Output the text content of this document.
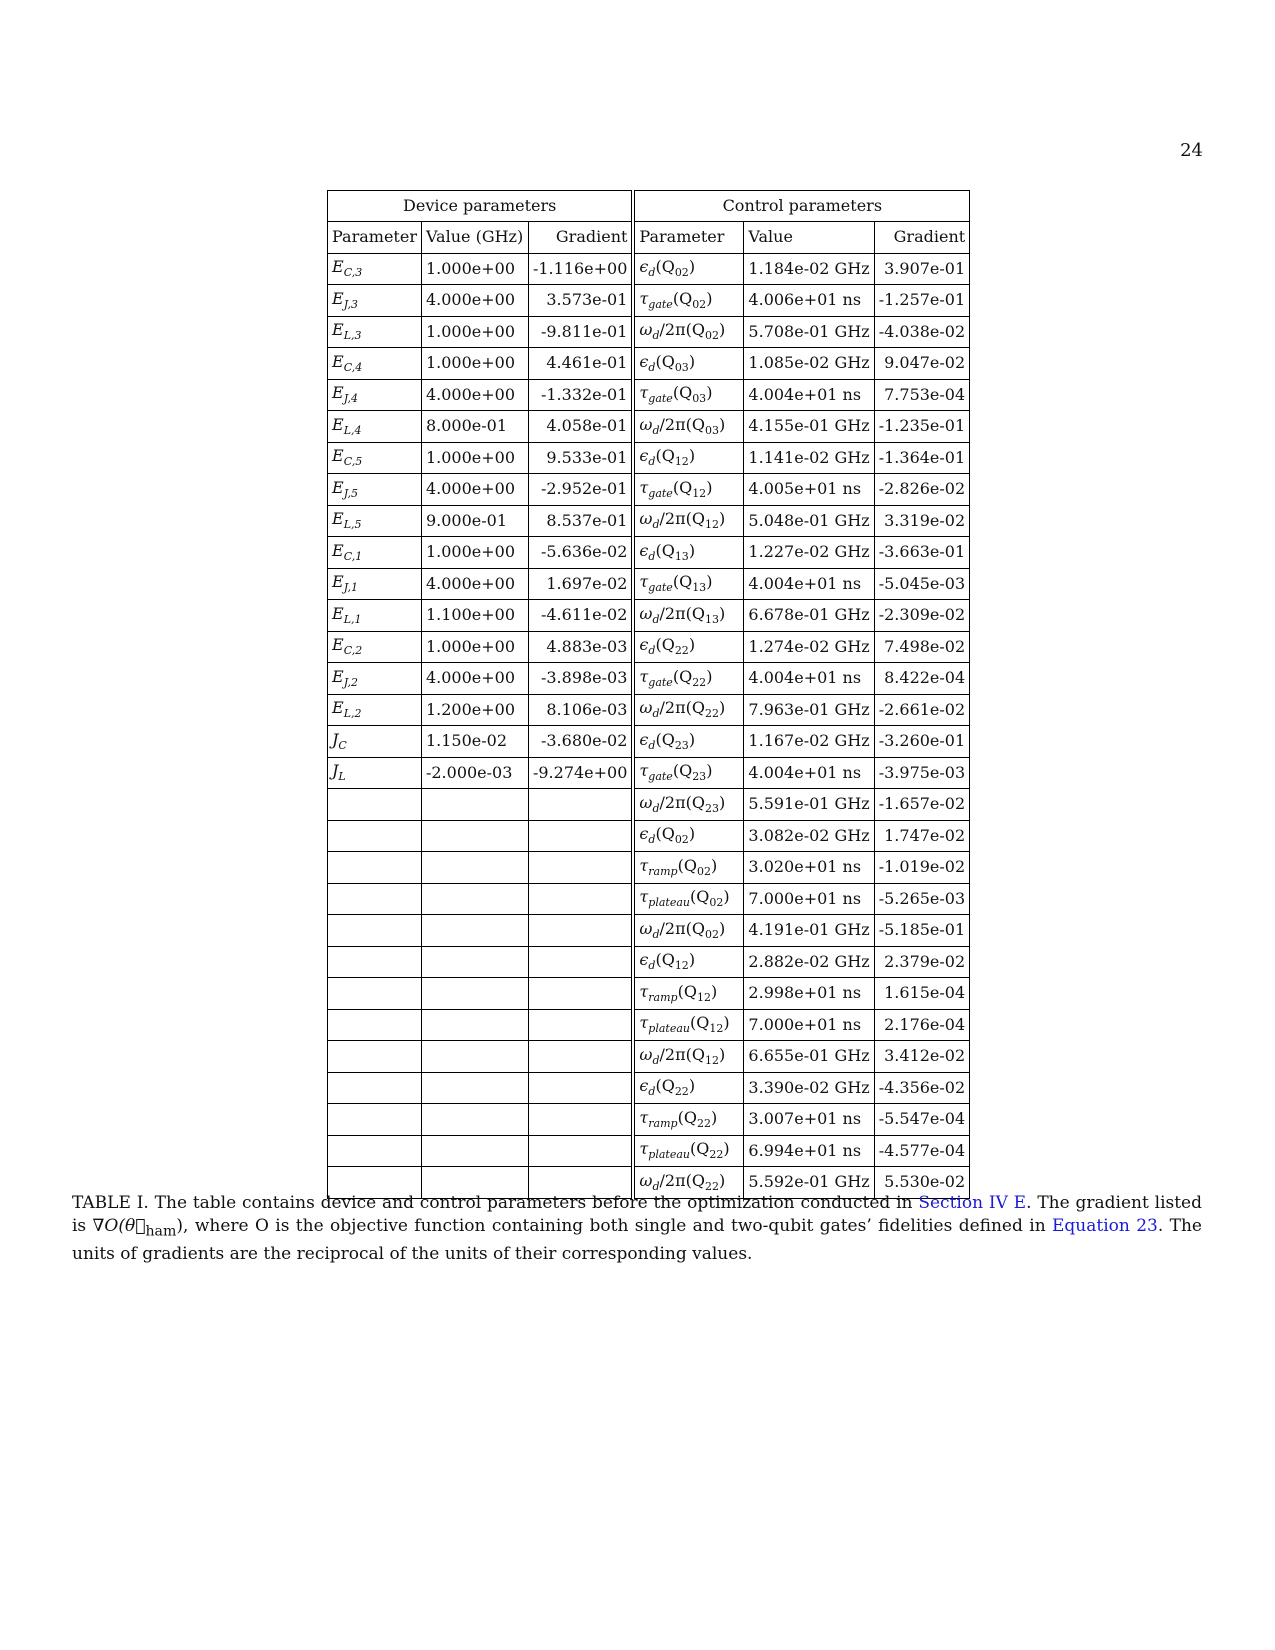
24
Device parameters			Control parameters		
Parameter	Value (GHz)	Gradient	Parameter	Value	Gradient
$E_{C,3}$	1.000e+00	-1.116e+00	$\epsilon_d(Q_{02})$	1.184e-02 GHz	3.907e-01
$E_{J,3}$	4.000e+00	3.573e-01	$\tau_{gate}(Q_{02})$	4.006e+01 ns	-1.257e-01
$E_{L,3}$	1.000e+00	-9.811e-01	$\omega_d/2\pi(Q_{02})$	5.708e-01 GHz	-4.038e-02
$E_{C,4}$	1.000e+00	4.461e-01	$\epsilon_d(Q_{03})$	1.085e-02 GHz	9.047e-02
$E_{J,4}$	4.000e+00	-1.332e-01	$\tau_{gate}(Q_{03})$	4.004e+01 ns	7.753e-04
$E_{L,4}$	8.000e-01	4.058e-01	$\omega_d/2\pi(Q_{03})$	4.155e-01 GHz	-1.235e-01
$E_{C,5}$	1.000e+00	9.533e-01	$\epsilon_d(Q_{12})$	1.141e-02 GHz	-1.364e-01
$E_{J,5}$	4.000e+00	-2.952e-01	$\tau_{gate}(Q_{12})$	4.005e+01 ns	-2.826e-02
$E_{L,5}$	9.000e-01	8.537e-01	$\omega_d/2\pi(Q_{12})$	5.048e-01 GHz	3.319e-02
$E_{C,1}$	1.000e+00	-5.636e-02	$\epsilon_d(Q_{13})$	1.227e-02 GHz	-3.663e-01
$E_{J,1}$	4.000e+00	1.697e-02	$\tau_{gate}(Q_{13})$	4.004e+01 ns	-5.045e-03
$E_{L,1}$	1.100e+00	-4.611e-02	$\omega_d/2\pi(Q_{13})$	6.678e-01 GHz	-2.309e-02
$E_{C,2}$	1.000e+00	4.883e-03	$\epsilon_d(Q_{22})$	1.274e-02 GHz	7.498e-02
$E_{J,2}$	4.000e+00	-3.898e-03	$\tau_{gate}(Q_{22})$	4.004e+01 ns	8.422e-04
$E_{L,2}$	1.200e+00	8.106e-03	$\omega_d/2\pi(Q_{22})$	7.963e-01 GHz	-2.661e-02
$J_C$	1.150e-02	-3.680e-02	$\epsilon_d(Q_{23})$	1.167e-02 GHz	-3.260e-01
$J_L$	-2.000e-03	-9.274e+00	$\tau_{gate}(Q_{23})$	4.004e+01 ns	-3.975e-03
			$\omega_d/2\pi(Q_{23})$	5.591e-01 GHz	-1.657e-02
			$\epsilon_d(Q_{02})$	3.082e-02 GHz	1.747e-02
			$\tau_{ramp}(Q_{02})$	3.020e+01 ns	-1.019e-02
			$\tau_{plateau}(Q_{02})$	7.000e+01 ns	-5.265e-03
			$\omega_d/2\pi(Q_{02})$	4.191e-01 GHz	-5.185e-01
			$\epsilon_d(Q_{12})$	2.882e-02 GHz	2.379e-02
			$\tau_{ramp}(Q_{12})$	2.998e+01 ns	1.615e-04
			$\tau_{plateau}(Q_{12})$	7.000e+01 ns	2.176e-04
			$\omega_d/2\pi(Q_{12})$	6.655e-01 GHz	3.412e-02
			$\epsilon_d(Q_{22})$	3.390e-02 GHz	-4.356e-02
			$\tau_{ramp}(Q_{22})$	3.007e+01 ns	-5.547e-04
			$\tau_{plateau}(Q_{22})$	6.994e+01 ns	-4.577e-04
			$\omega_d/2\pi(Q_{22})$	5.592e-01 GHz	5.530e-02
TABLE I. The table contains device and control parameters before the optimization conducted in Section IV E. The gradient listed is $\nabla O(\theta⃗_{ham})$, where O is the objective function containing both single and two-qubit gates’ fidelities defined in Equation 23. The units of gradients are the reciprocal of the units of their corresponding values.
